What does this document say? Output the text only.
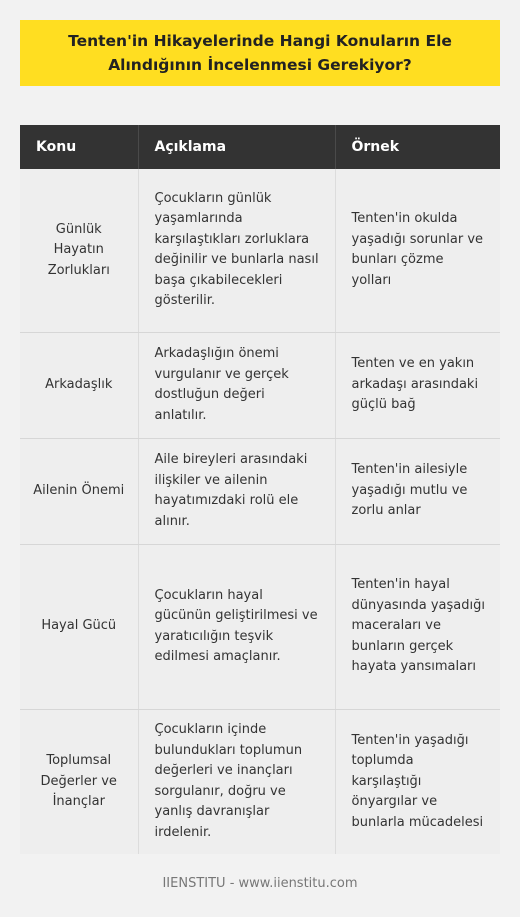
Tenten'in Hikayelerinde Hangi Konuların Ele Alındığının İncelenmesi Gerekiyor?
Konu	Açıklama	Örnek
Günlük Hayatın Zorlukları	Çocukların günlük yaşamlarında karşılaştıkları zorluklara değinilir ve bunlarla nasıl başa çıkabilecekleri gösterilir.	Tenten'in okulda yaşadığı sorunlar ve bunları çözme yolları
Arkadaşlık	Arkadaşlığın önemi vurgulanır ve gerçek dostluğun değeri anlatılır.	Tenten ve en yakın arkadaşı arasındaki güçlü bağ
Ailenin Önemi	Aile bireyleri arasındaki ilişkiler ve ailenin hayatımızdaki rolü ele alınır.	Tenten'in ailesiyle yaşadığı mutlu ve zorlu anlar
Hayal Gücü	Çocukların hayal gücünün geliştirilmesi ve yaratıcılığın teşvik edilmesi amaçlanır.	Tenten'in hayal dünyasında yaşadığı maceraları ve bunların gerçek hayata yansımaları
Toplumsal Değerler ve İnançlar	Çocukların içinde bulundukları toplumun değerleri ve inançları sorgulanır, doğru ve yanlış davranışlar irdelenir.	Tenten'in yaşadığı toplumda karşılaştığı önyargılar ve bunlarla mücadelesi
IIENSTITU - www.iienstitu.com
